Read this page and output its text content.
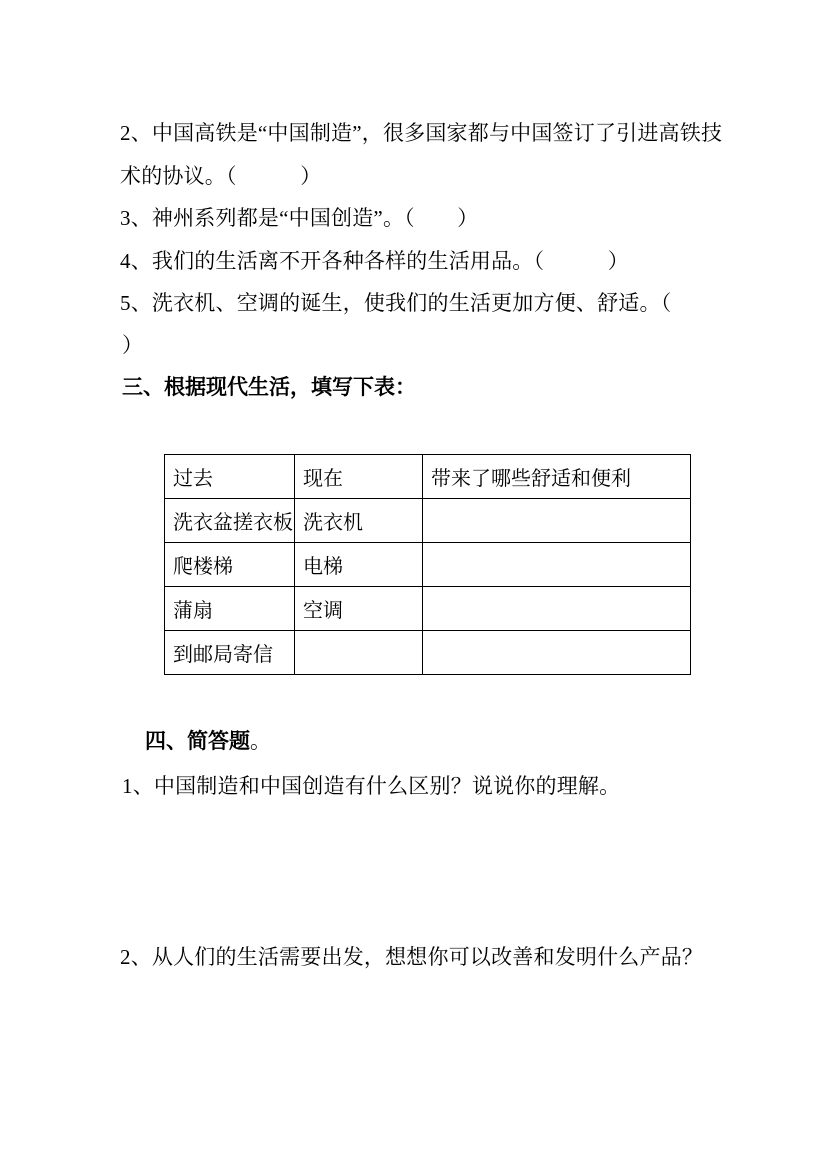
2、中国高铁是“中国制造”，很多国家都与中国签订了引进高铁技
术的协议。（　　　）
3、神州系列都是“中国创造”。（　　）
4、我们的生活离不开各种各样的生活用品。（　　　）
5、洗衣机、空调的诞生，使我们的生活更加方便、舒适。（
）
三、根据现代生活，填写下表：
过去	现在	带来了哪些舒适和便利
洗衣盆搓衣板	洗衣机	
爬楼梯	电梯	
蒲扇	空调	
到邮局寄信		
四、简答题。
1、中国制造和中国创造有什么区别？说说你的理解。
2、从人们的生活需要出发，想想你可以改善和发明什么产品？
